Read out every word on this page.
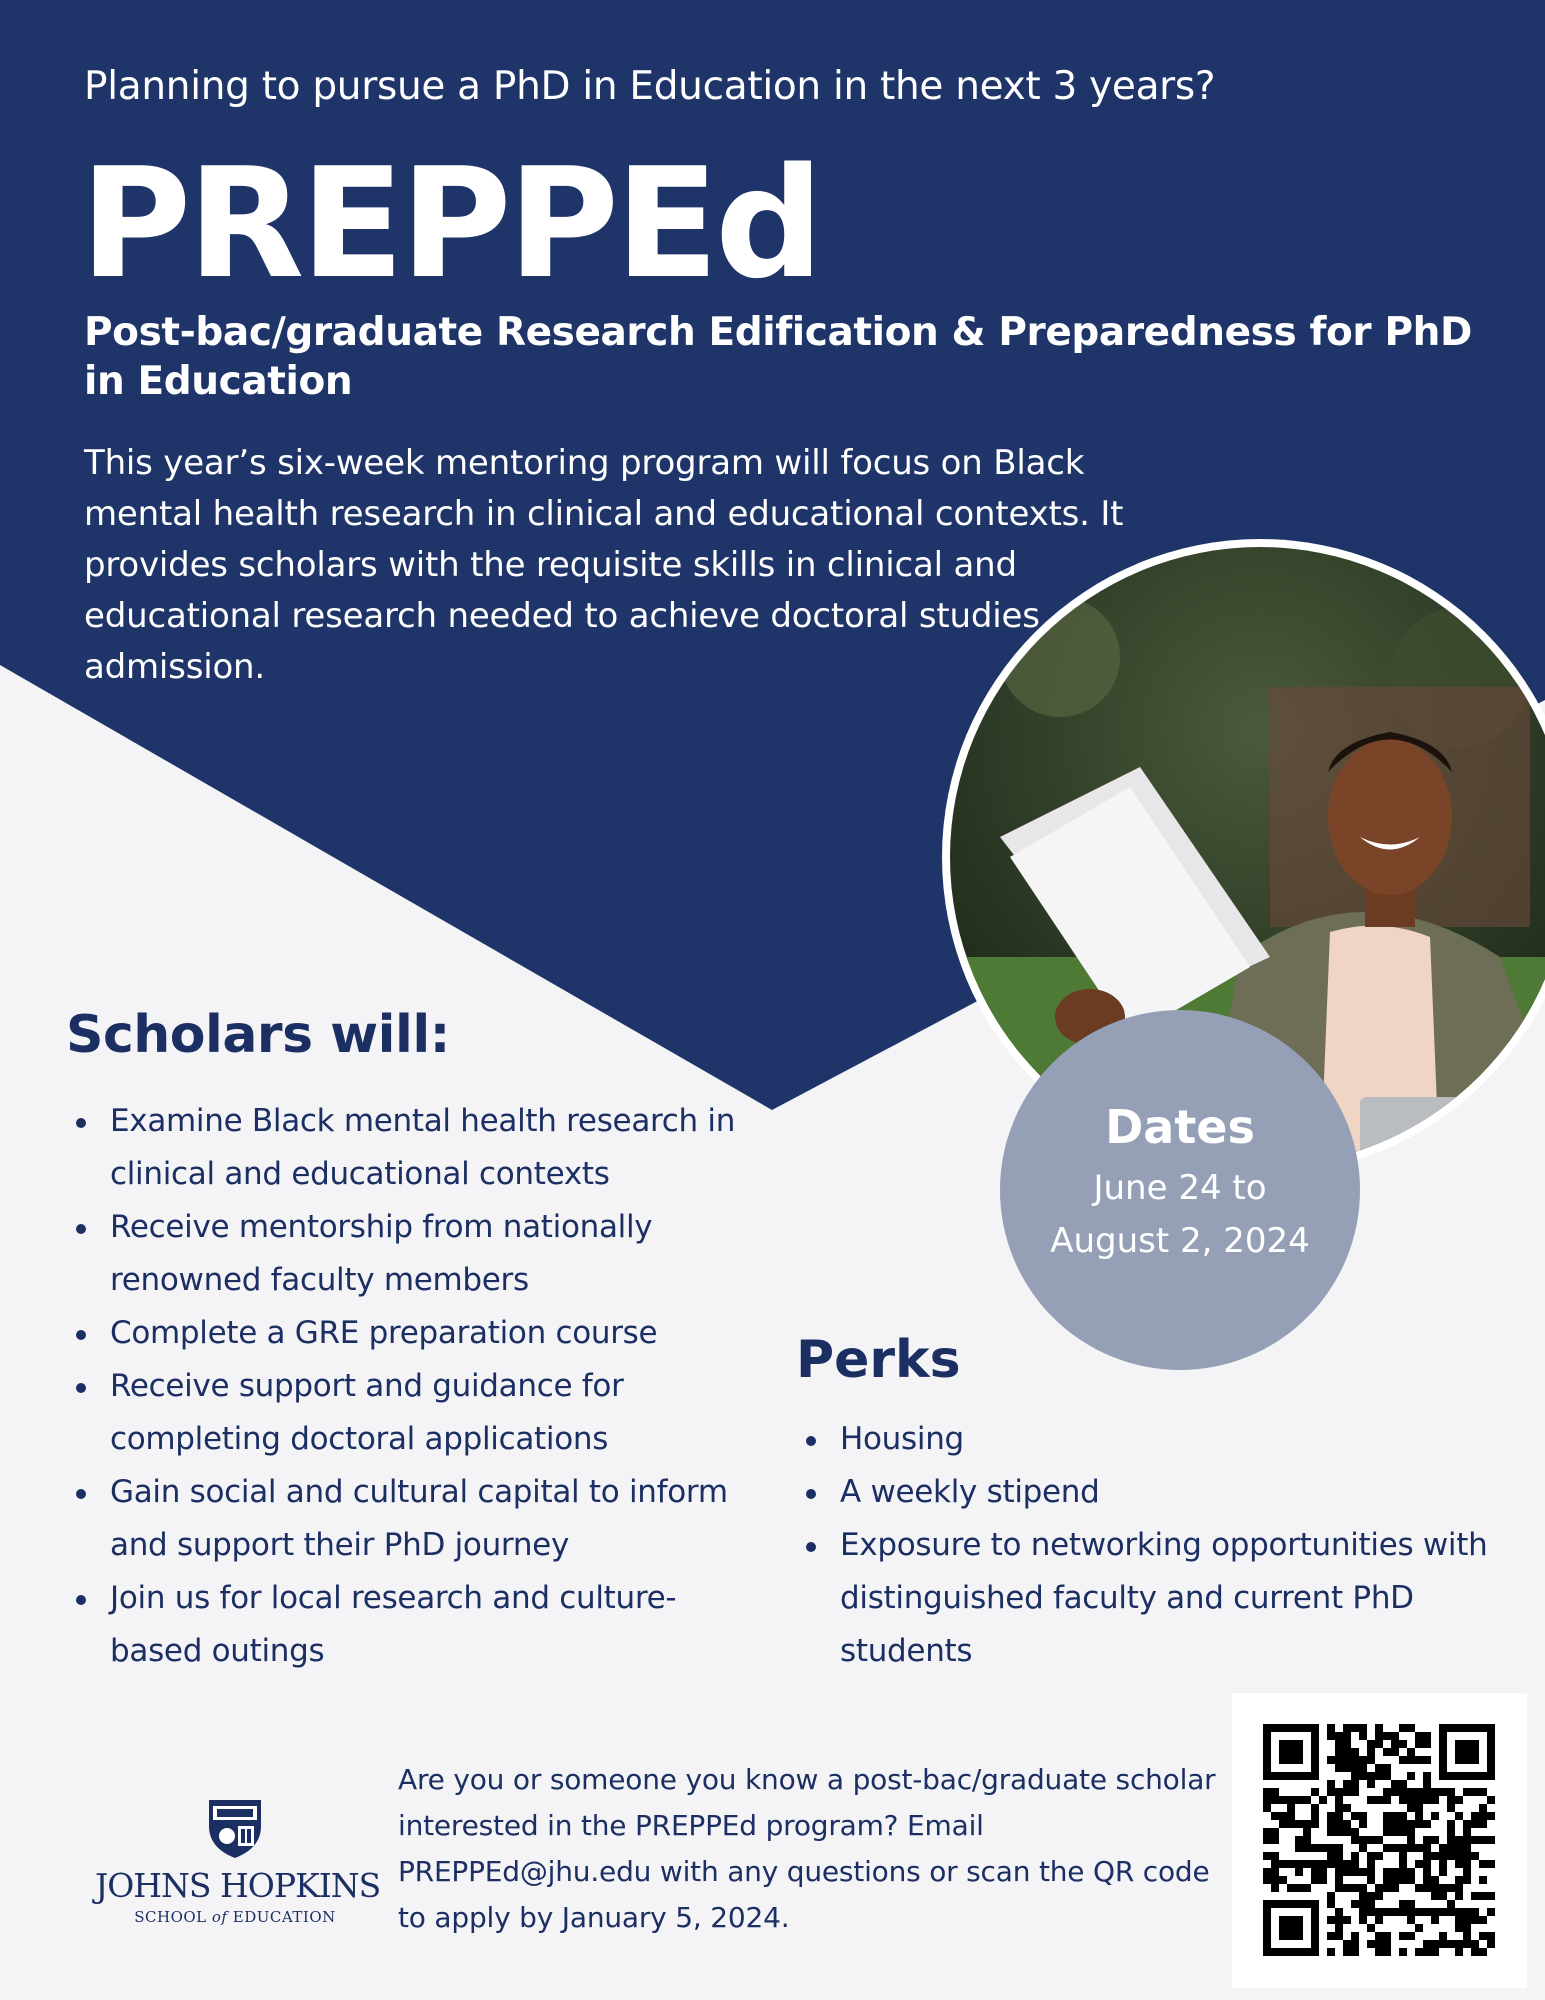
Planning to pursue a PhD in Education in the next 3 years?
PREPPEd
Post-bac/graduate Research Edification & Preparedness for PhD in Education
This year’s six-week mentoring program will focus on Black mental health research in clinical and educational contexts. It provides scholars with the requisite skills in clinical and educational research needed to achieve doctoral studies admission.
Dates
June 24 to August 2, 2024
Scholars will:
Examine Black mental health research in clinical and educational contexts
Receive mentorship from nationally renowned faculty members
Complete a GRE preparation course
Receive support and guidance for completing doctoral applications
Gain social and cultural capital to inform and support their PhD journey
Join us for local research and culture-based outings
Perks
Housing
A weekly stipend
Exposure to networking opportunities with distinguished faculty and current PhD students
JOHNS HOPKINS
SCHOOL of EDUCATION
Are you or someone you know a post-bac/graduate scholar interested in the PREPPEd program? Email PREPPEd@jhu.edu with any questions or scan the QR code to apply by January 5, 2024.
